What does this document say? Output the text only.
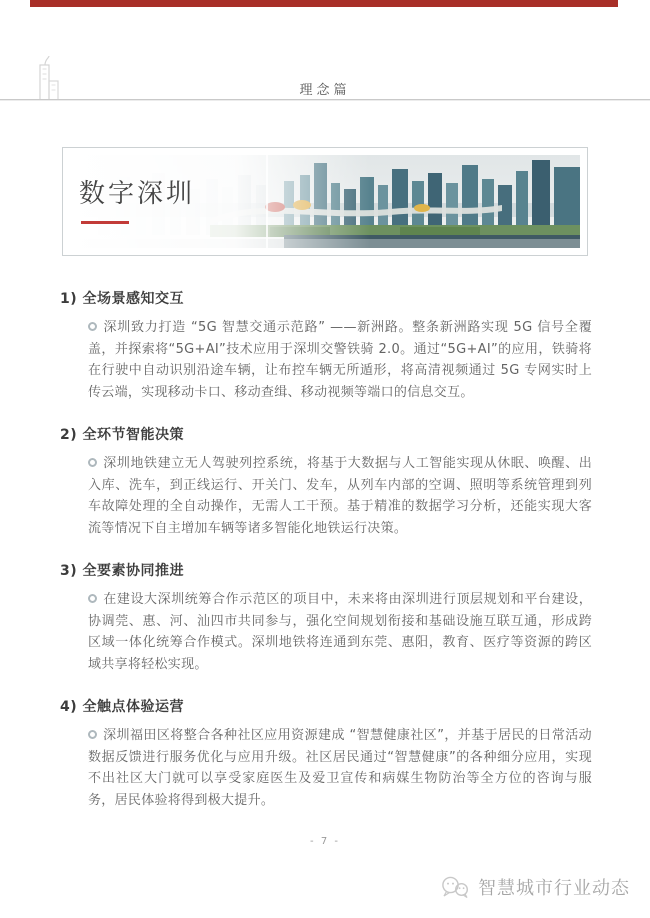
理念篇
数字深圳
1) 全场景感知交互
深圳致力打造 “5G 智慧交通示范路” ——新洲路。整条新洲路实现 5G 信号全覆盖，并探索将“5G+AI”技术应用于深圳交警铁骑 2.0。通过“5G+AI”的应用，铁骑将在行驶中自动识别沿途车辆，让布控车辆无所遁形，将高清视频通过 5G 专网实时上传云端，实现移动卡口、移动查缉、移动视频等端口的信息交互。
2) 全环节智能决策
深圳地铁建立无人驾驶列控系统，将基于大数据与人工智能实现从休眠、唤醒、出入库、洗车，到正线运行、开关门、发车，从列车内部的空调、照明等系统管理到列车故障处理的全自动操作，无需人工干预。基于精准的数据学习分析，还能实现大客流等情况下自主增加车辆等诸多智能化地铁运行决策。
3) 全要素协同推进
在建设大深圳统筹合作示范区的项目中，未来将由深圳进行顶层规划和平台建设，协调莞、惠、河、汕四市共同参与，强化空间规划衔接和基础设施互联互通，形成跨区域一体化统筹合作模式。深圳地铁将连通到东莞、惠阳，教育、医疗等资源的跨区域共享将轻松实现。
4) 全触点体验运营
深圳福田区将整合各种社区应用资源建成 “智慧健康社区”，并基于居民的日常活动数据反馈进行服务优化与应用升级。社区居民通过“智慧健康”的各种细分应用，实现不出社区大门就可以享受家庭医生及爱卫宣传和病媒生物防治等全方位的咨询与服务，居民体验将得到极大提升。
- 7 -
智慧城市行业动态
